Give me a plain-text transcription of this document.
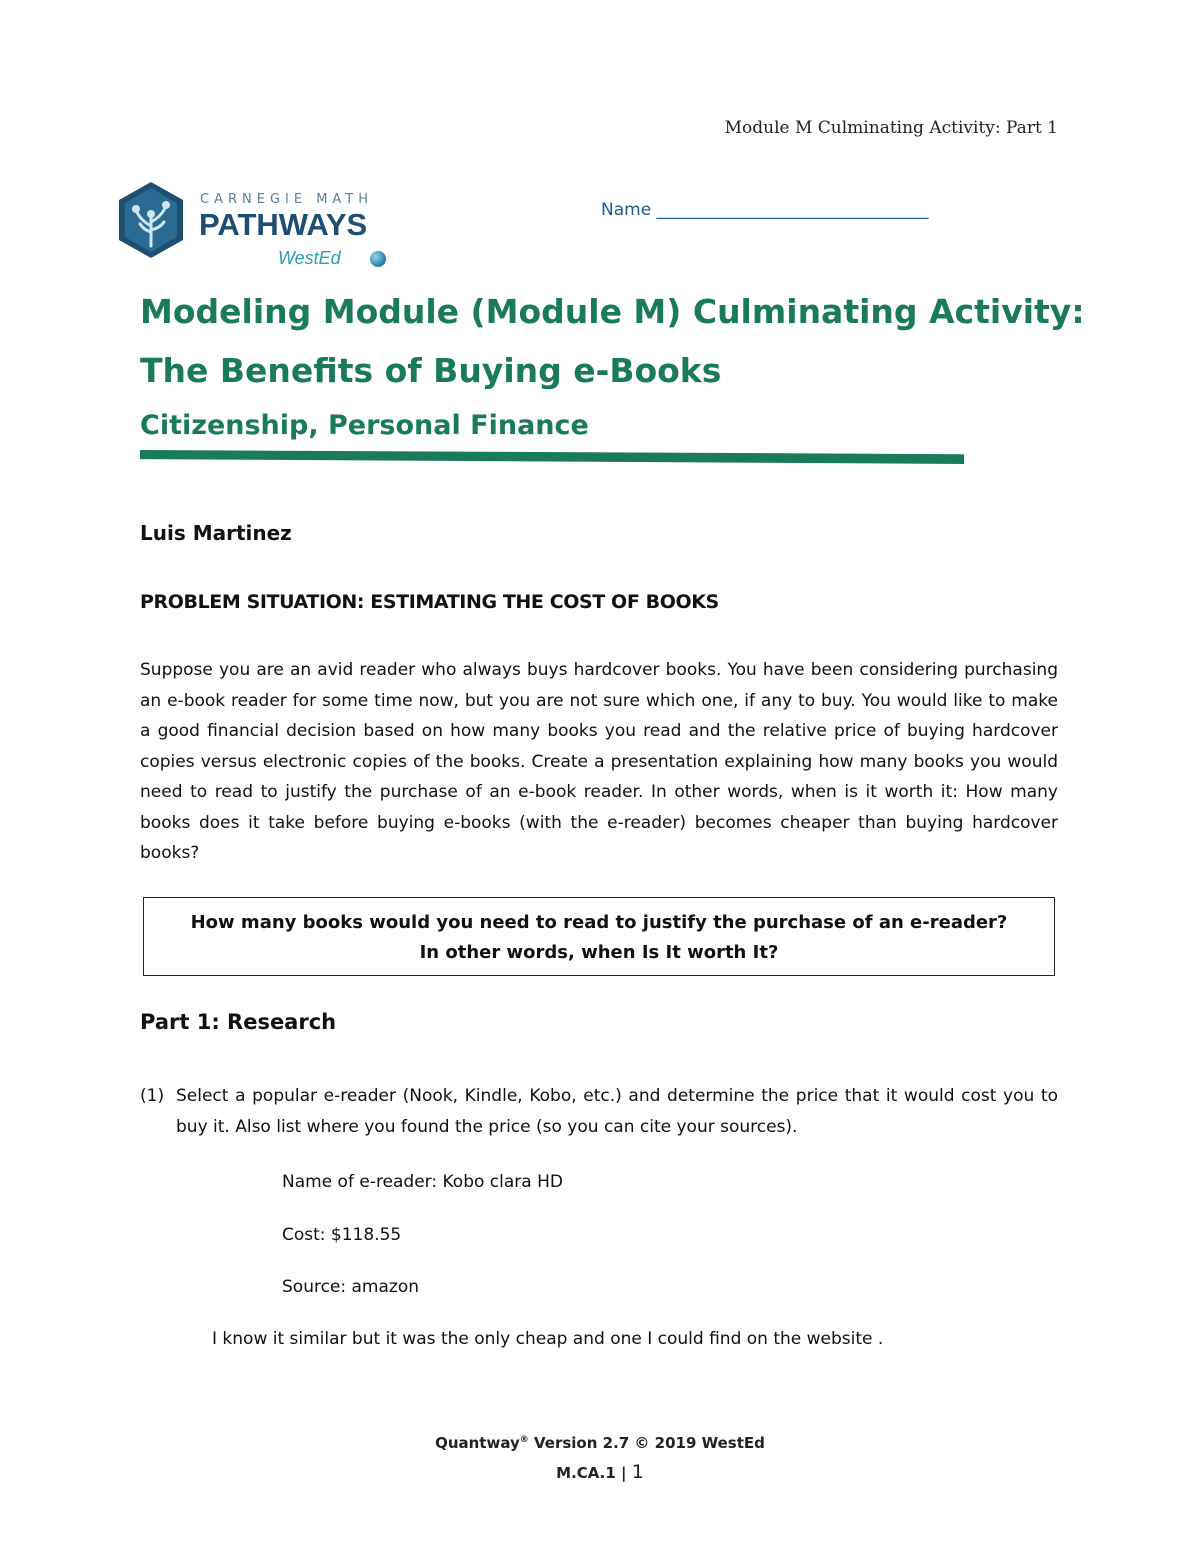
Module M Culminating Activity: Part 1
CARNEGIE MATH
PATHWAYS
WestEd
Name ________________________________
Modeling Module (Module M) Culminating Activity:
The Benefits of Buying e-Books
Citizenship, Personal Finance
Luis Martinez
PROBLEM SITUATION: ESTIMATING THE COST OF BOOKS
Suppose you are an avid reader who always buys hardcover books. You have been considering purchasing an e-book reader for some time now, but you are not sure which one, if any to buy. You would like to make a good financial decision based on how many books you read and the relative price of buying hardcover copies versus electronic copies of the books. Create a presentation explaining how many books you would need to read to justify the purchase of an e-book reader. In other words, when is it worth it: How many books does it take before buying e-books (with the e-reader) becomes cheaper than buying hardcover books?
How many books would you need to read to justify the purchase of an e-reader?
In other words, when Is It worth It?
Part 1: Research
(1) Select a popular e-reader (Nook, Kindle, Kobo, etc.) and determine the price that it would cost you to buy it. Also list where you found the price (so you can cite your sources).
Name of e-reader: Kobo clara HD
Cost: $118.55
Source: amazon
I know it similar but it was the only cheap and one I could find on the website .
Quantway® Version 2.7 © 2019 WestEd
M.CA.1 | 1
